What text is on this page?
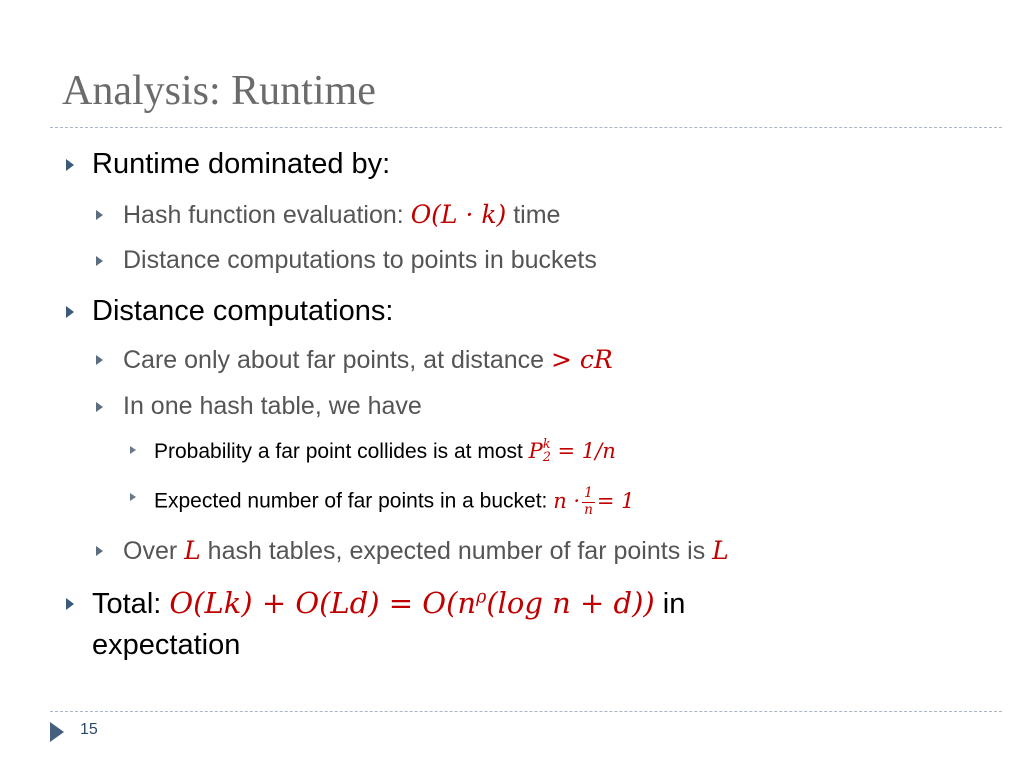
Analysis: Runtime
Runtime dominated by:
Hash function evaluation: O(L · k) time
Distance computations to points in buckets
Distance computations:
Care only about far points, at distance > cR
In one hash table, we have
Probability a far point collides is at most P k
2 = 1/n
Expected number of far points in a bucket: $n \cdot \frac{1}{n} = 1$
Over L hash tables, expected number of far points is L
Total: $O(Lk) + O(Ld) = O(n^\rho(\log$ n + d)) in
expectation
15
